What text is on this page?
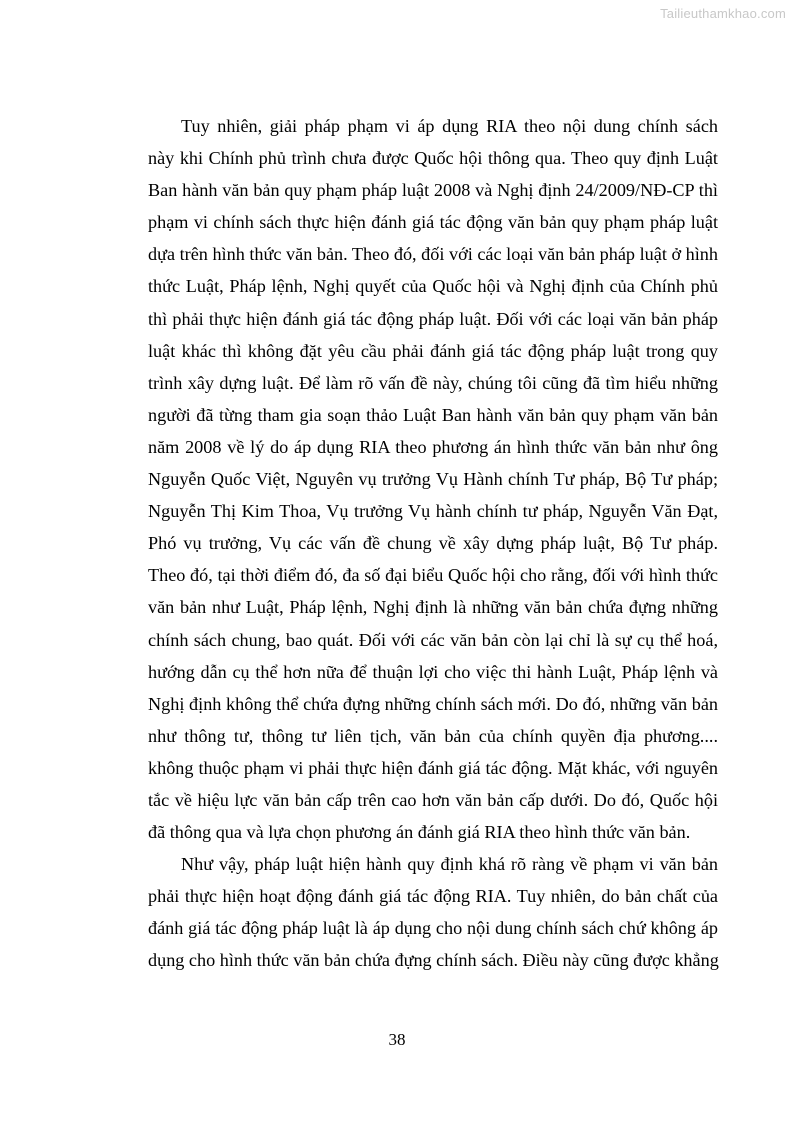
Tailieuthamkhao.com
Tuy nhiên, giải pháp phạm vi áp dụng RIA theo nội dung chính sách
này khi Chính phủ trình chưa được Quốc hội thông qua. Theo quy định Luật
Ban hành văn bản quy phạm pháp luật 2008 và Nghị định 24/2009/NĐ-CP thì
phạm vi chính sách thực hiện đánh giá tác động văn bản quy phạm pháp luật
dựa trên hình thức văn bản. Theo đó, đối với các loại văn bản pháp luật ở hình
thức Luật, Pháp lệnh, Nghị quyết của Quốc hội và Nghị định của Chính phủ
thì phải thực hiện đánh giá tác động pháp luật. Đối với các loại văn bản pháp
luật khác thì không đặt yêu cầu phải đánh giá tác động pháp luật trong quy
trình xây dựng luật. Để làm rõ vấn đề này, chúng tôi cũng đã tìm hiểu những
người đã từng tham gia soạn thảo Luật Ban hành văn bản quy phạm văn bản
năm 2008 về lý do áp dụng RIA theo phương án hình thức văn bản như ông
Nguyễn Quốc Việt, Nguyên vụ trưởng Vụ Hành chính Tư pháp, Bộ Tư pháp;
Nguyễn Thị Kim Thoa, Vụ trưởng Vụ hành chính tư pháp, Nguyễn Văn Đạt,
Phó vụ trưởng, Vụ các vấn đề chung về xây dựng pháp luật, Bộ Tư pháp.
Theo đó, tại thời điểm đó, đa số đại biểu Quốc hội cho rằng, đối với hình thức
văn bản như Luật, Pháp lệnh, Nghị định là những văn bản chứa đựng những
chính sách chung, bao quát. Đối với các văn bản còn lại chỉ là sự cụ thể hoá,
hướng dẫn cụ thể hơn nữa để thuận lợi cho việc thi hành Luật, Pháp lệnh và
Nghị định không thể chứa đựng những chính sách mới. Do đó, những văn bản
như thông tư, thông tư liên tịch, văn bản của chính quyền địa phương....
không thuộc phạm vi phải thực hiện đánh giá tác động. Mặt khác, với nguyên
tắc về hiệu lực văn bản cấp trên cao hơn văn bản cấp dưới. Do đó, Quốc hội
đã thông qua và lựa chọn phương án đánh giá RIA theo hình thức văn bản.
Như vậy, pháp luật hiện hành quy định khá rõ ràng về phạm vi văn bản
phải thực hiện hoạt động đánh giá tác động RIA. Tuy nhiên, do bản chất của
đánh giá tác động pháp luật là áp dụng cho nội dung chính sách chứ không áp
dụng cho hình thức văn bản chứa đựng chính sách. Điều này cũng được khẳng
38
